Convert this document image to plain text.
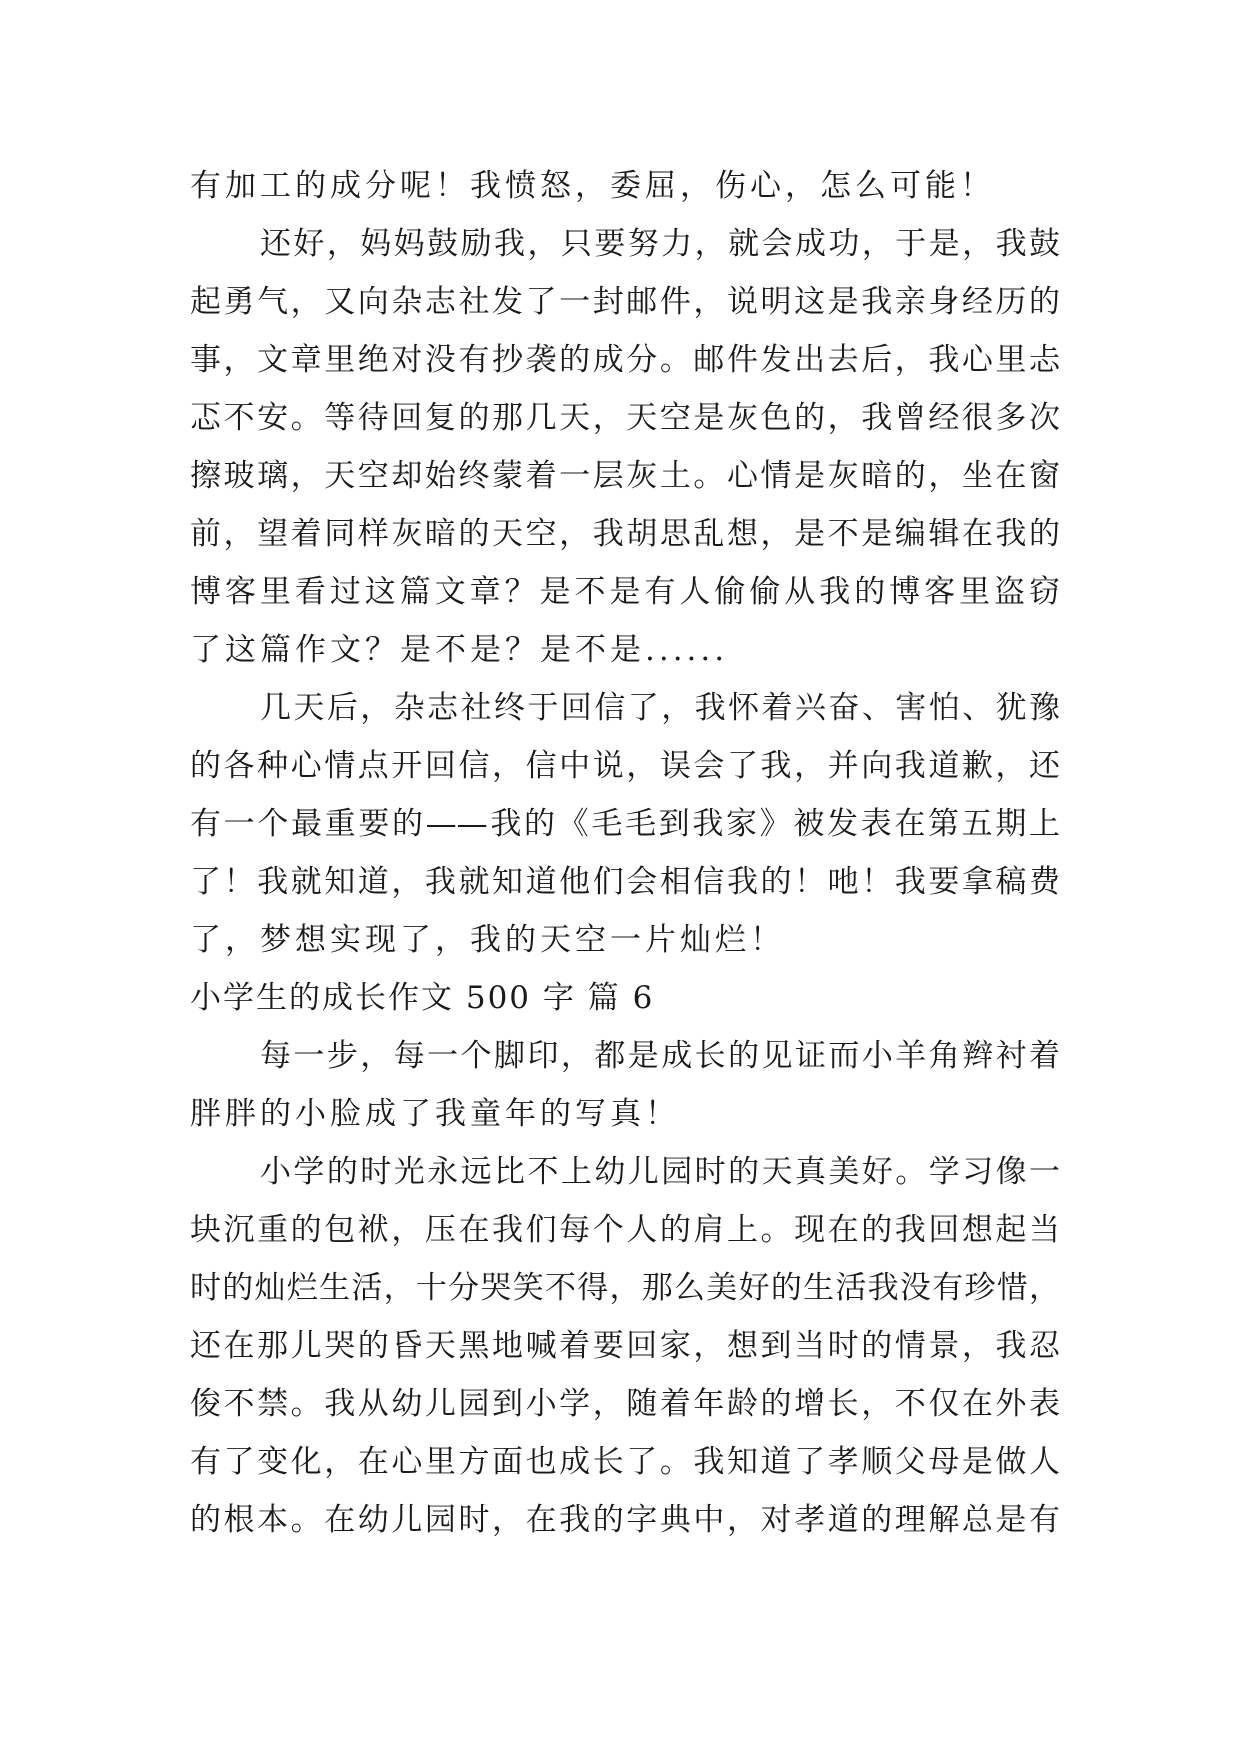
有加工的成分呢！我愤怒，委屈，伤心，怎么可能！
还好，妈妈鼓励我，只要努力，就会成功，于是，我鼓
起勇气，又向杂志社发了一封邮件，说明这是我亲身经历的
事，文章里绝对没有抄袭的成分。邮件发出去后，我心里忐
忑不安。等待回复的那几天，天空是灰色的，我曾经很多次
擦玻璃，天空却始终蒙着一层灰土。心情是灰暗的，坐在窗
前，望着同样灰暗的天空，我胡思乱想，是不是编辑在我的
博客里看过这篇文章？是不是有人偷偷从我的博客里盗窃
了这篇作文？是不是？是不是......
几天后，杂志社终于回信了，我怀着兴奋、害怕、犹豫
的各种心情点开回信，信中说，误会了我，并向我道歉，还
有一个最重要的——我的《毛毛到我家》被发表在第五期上
了！我就知道，我就知道他们会相信我的！吔！我要拿稿费
了，梦想实现了，我的天空一片灿烂！
小学生的成长作文 500 字 篇 6
每一步，每一个脚印，都是成长的见证而小羊角辫衬着
胖胖的小脸成了我童年的写真！
小学的时光永远比不上幼儿园时的天真美好。学习像一
块沉重的包袱，压在我们每个人的肩上。现在的我回想起当
时的灿烂生活，十分哭笑不得，那么美好的生活我没有珍惜，
还在那儿哭的昏天黑地喊着要回家，想到当时的情景，我忍
俊不禁。我从幼儿园到小学，随着年龄的增长，不仅在外表
有了变化，在心里方面也成长了。我知道了孝顺父母是做人
的根本。在幼儿园时，在我的字典中，对孝道的理解总是有
